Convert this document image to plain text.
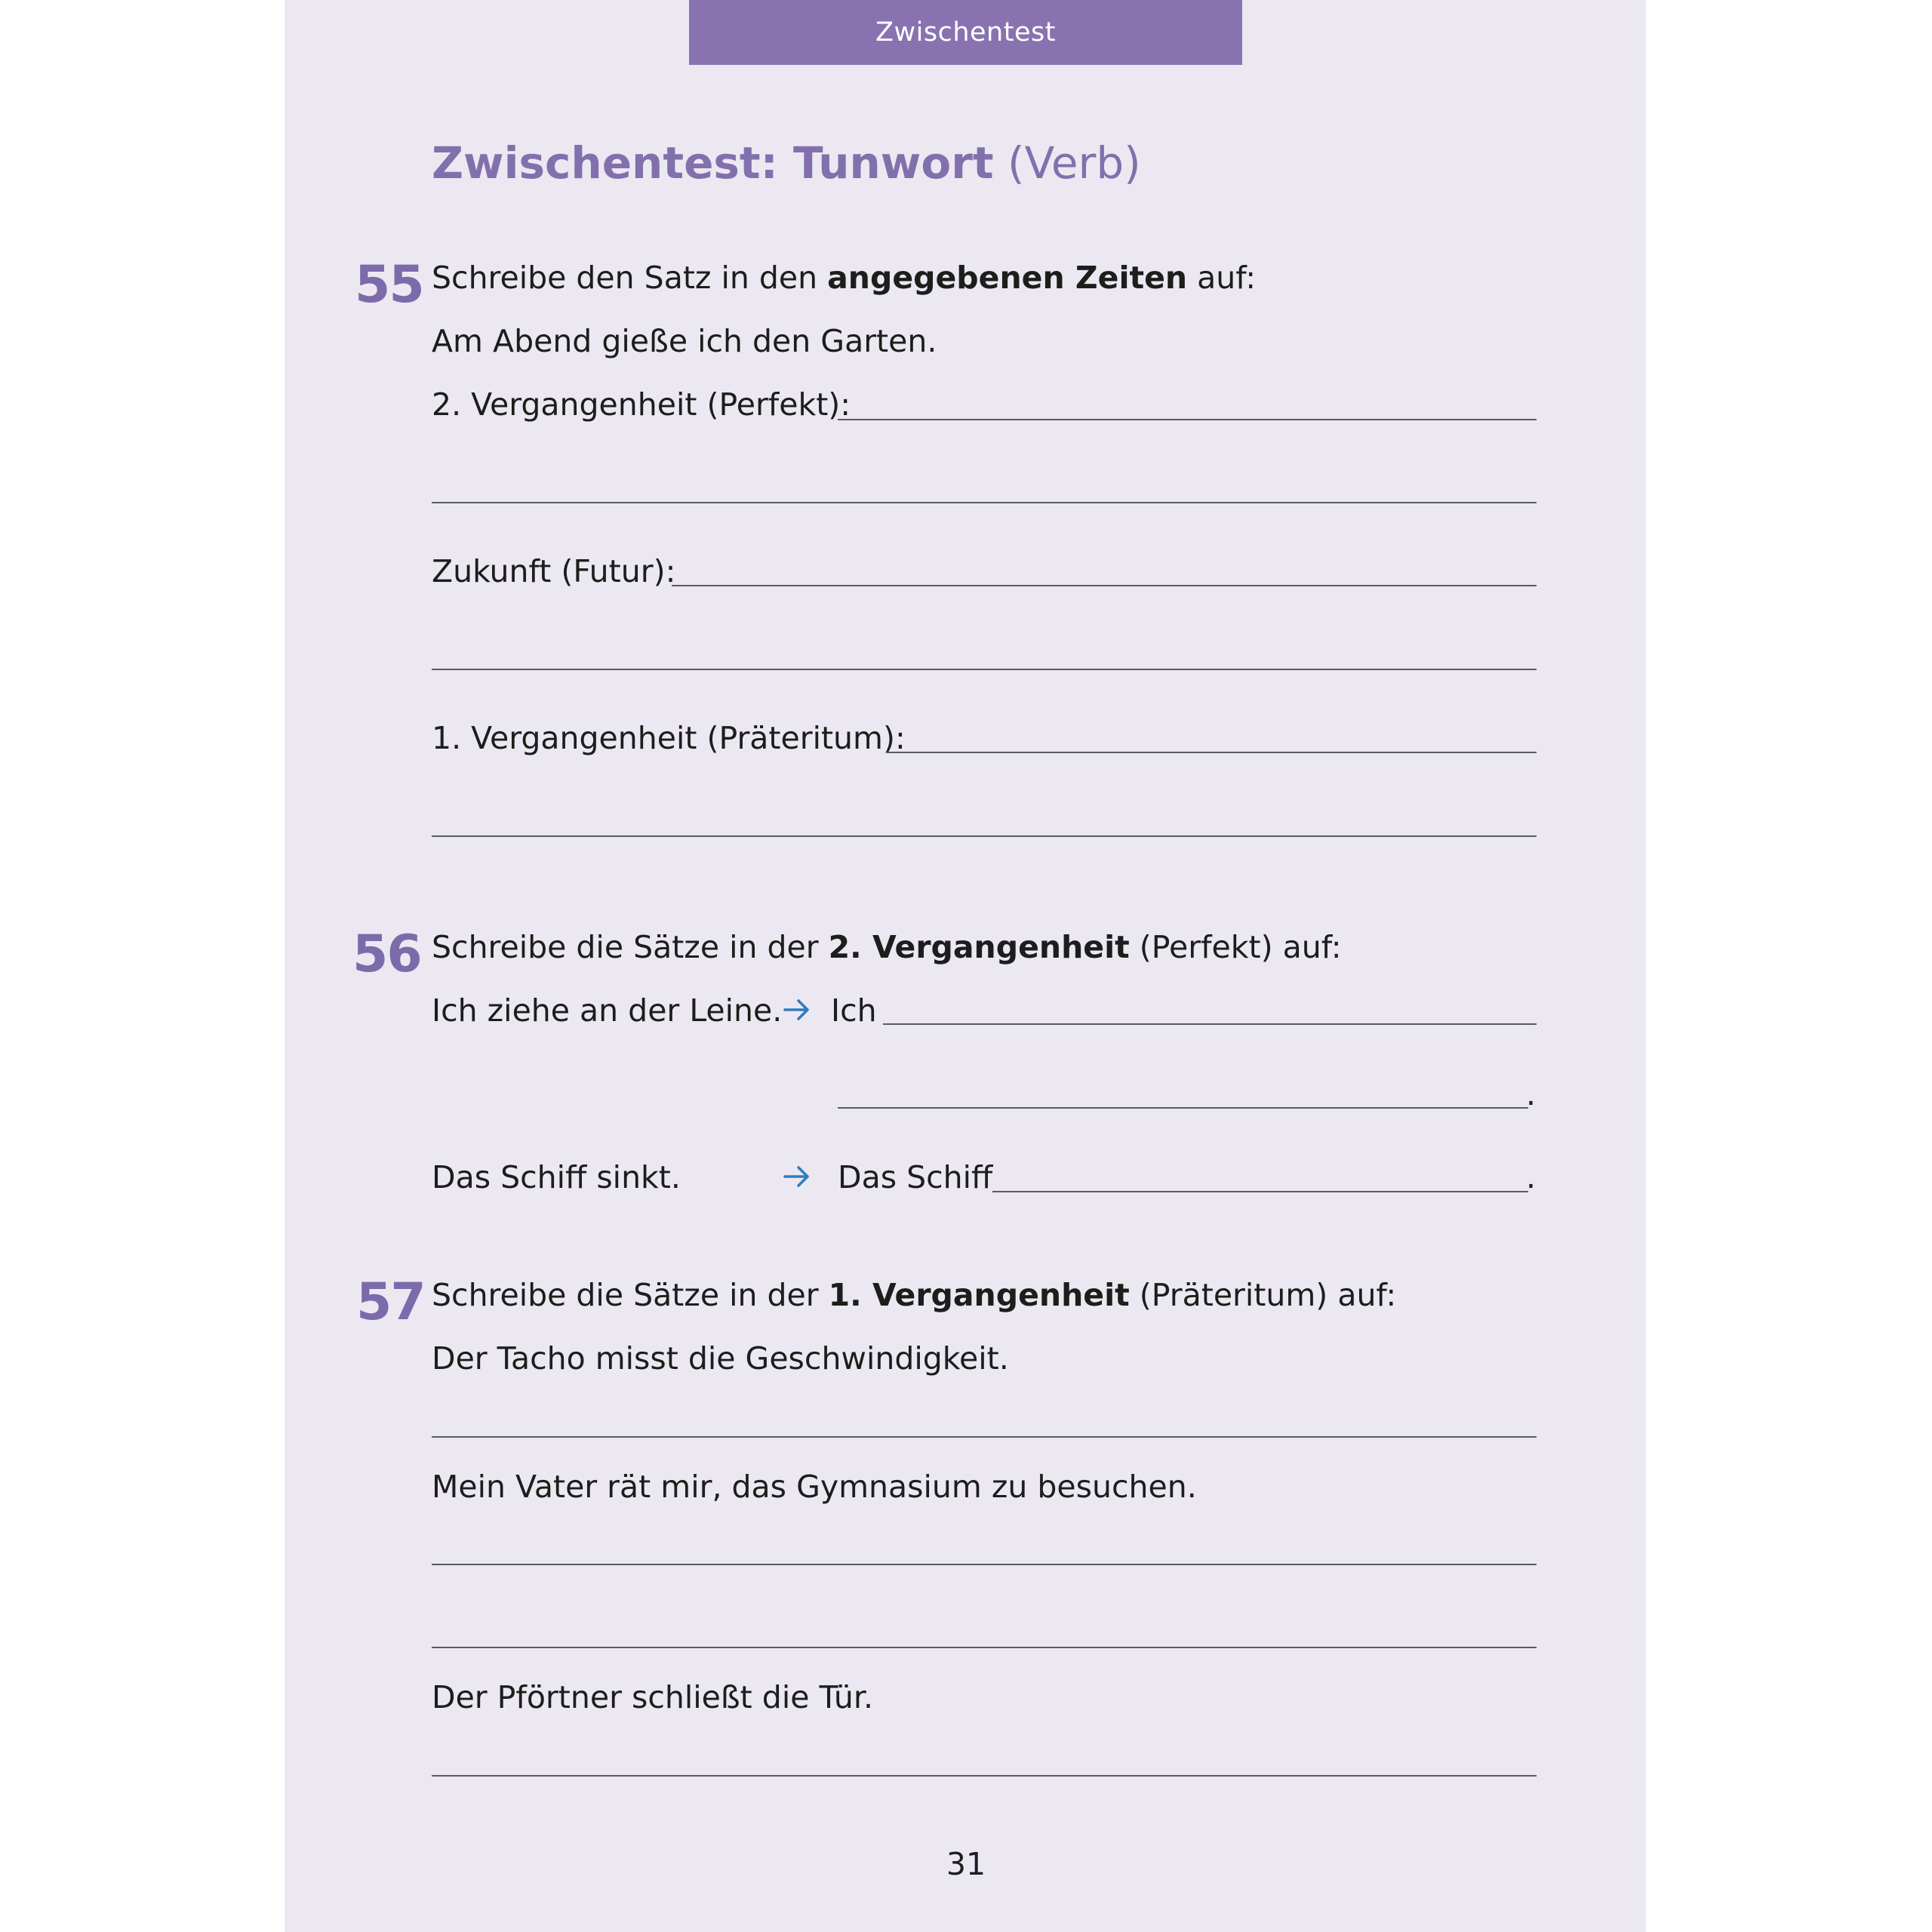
Zwischentest
Zwischentest: Tunwort (Verb)
55 Schreibe den Satz in den angegebenen Zeiten auf:
Am Abend gieße ich den Garten.
2. Vergangenheit (Perfekt):
Zukunft (Futur):
1. Vergangenheit (Präteritum):
56 Schreibe die Sätze in der 2. Vergangenheit (Perfekt) auf:
Ich ziehe an der Leine. Ich
.
Das Schiff sinkt.	Das Schiff	.
57 Schreibe die Sätze in der 1. Vergangenheit (Präteritum) auf:
Der Tacho misst die Geschwindigkeit.
Mein Vater rät mir, das Gymnasium zu besuchen.
Der Pförtner schließt die Tür.
31
